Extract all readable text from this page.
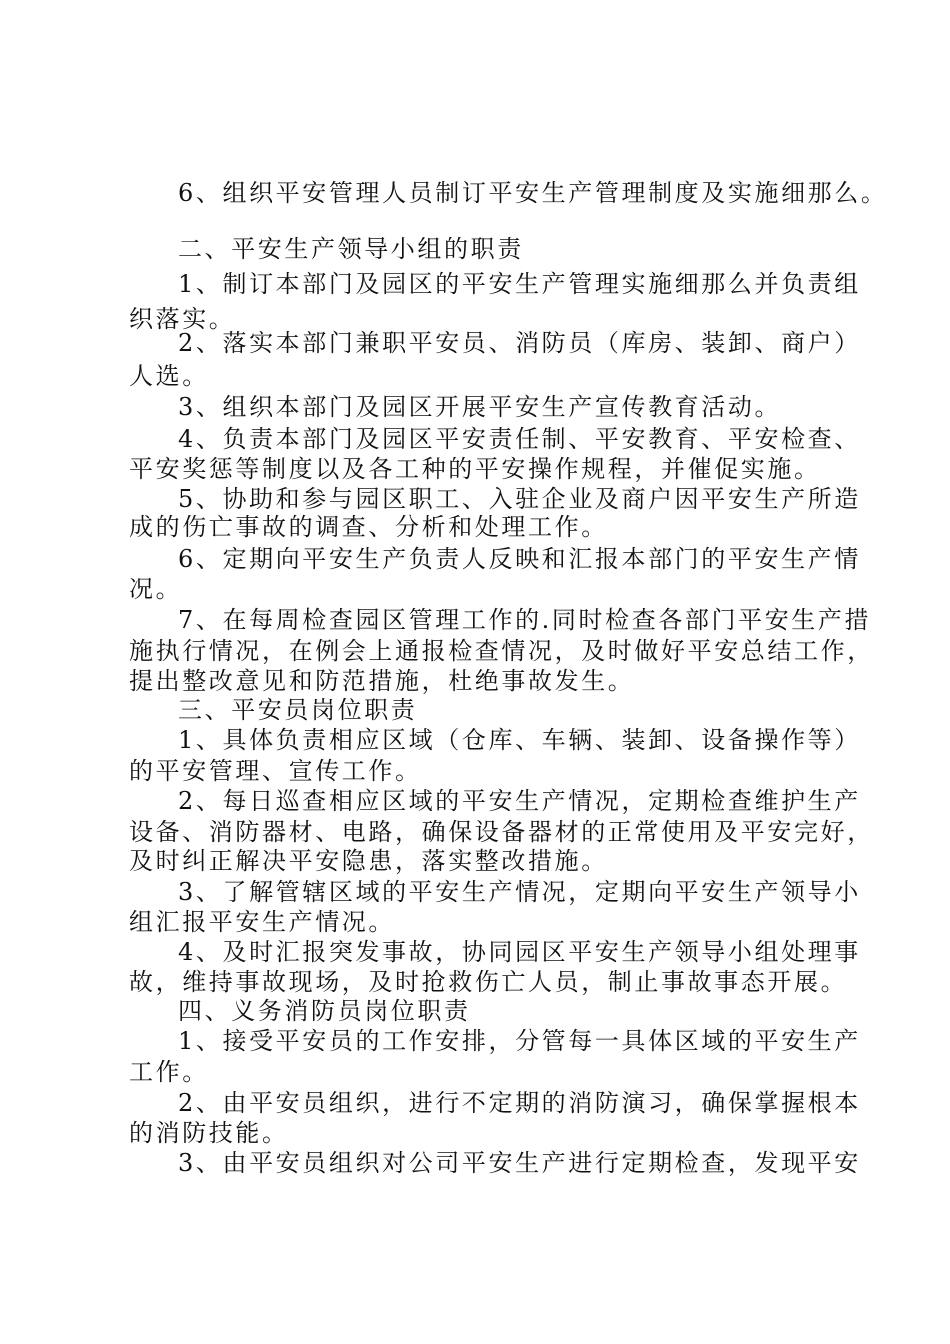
6、组织平安管理人员制订平安生产管理制度及实施细那么。
二、平安生产领导小组的职责
1、制订本部门及园区的平安生产管理实施细那么并负责组
织落实。
2、落实本部门兼职平安员、消防员（库房、装卸、商户）
人选。
3、组织本部门及园区开展平安生产宣传教育活动。
4、负责本部门及园区平安责任制、平安教育、平安检查、
平安奖惩等制度以及各工种的平安操作规程，并催促实施。
5、协助和参与园区职工、入驻企业及商户因平安生产所造
成的伤亡事故的调查、分析和处理工作。
6、定期向平安生产负责人反映和汇报本部门的平安生产情
况。
7、在每周检查园区管理工作的.同时检查各部门平安生产措
施执行情况，在例会上通报检查情况，及时做好平安总结工作，
提出整改意见和防范措施，杜绝事故发生。
三、平安员岗位职责
1、具体负责相应区域（仓库、车辆、装卸、设备操作等）
的平安管理、宣传工作。
2、每日巡查相应区域的平安生产情况，定期检查维护生产
设备、消防器材、电路，确保设备器材的正常使用及平安完好，
及时纠正解决平安隐患，落实整改措施。
3、了解管辖区域的平安生产情况，定期向平安生产领导小
组汇报平安生产情况。
4、及时汇报突发事故，协同园区平安生产领导小组处理事
故，维持事故现场，及时抢救伤亡人员，制止事故事态开展。
四、义务消防员岗位职责
1、接受平安员的工作安排，分管每一具体区域的平安生产
工作。
2、由平安员组织，进行不定期的消防演习，确保掌握根本
的消防技能。
3、由平安员组织对公司平安生产进行定期检查，发现平安
